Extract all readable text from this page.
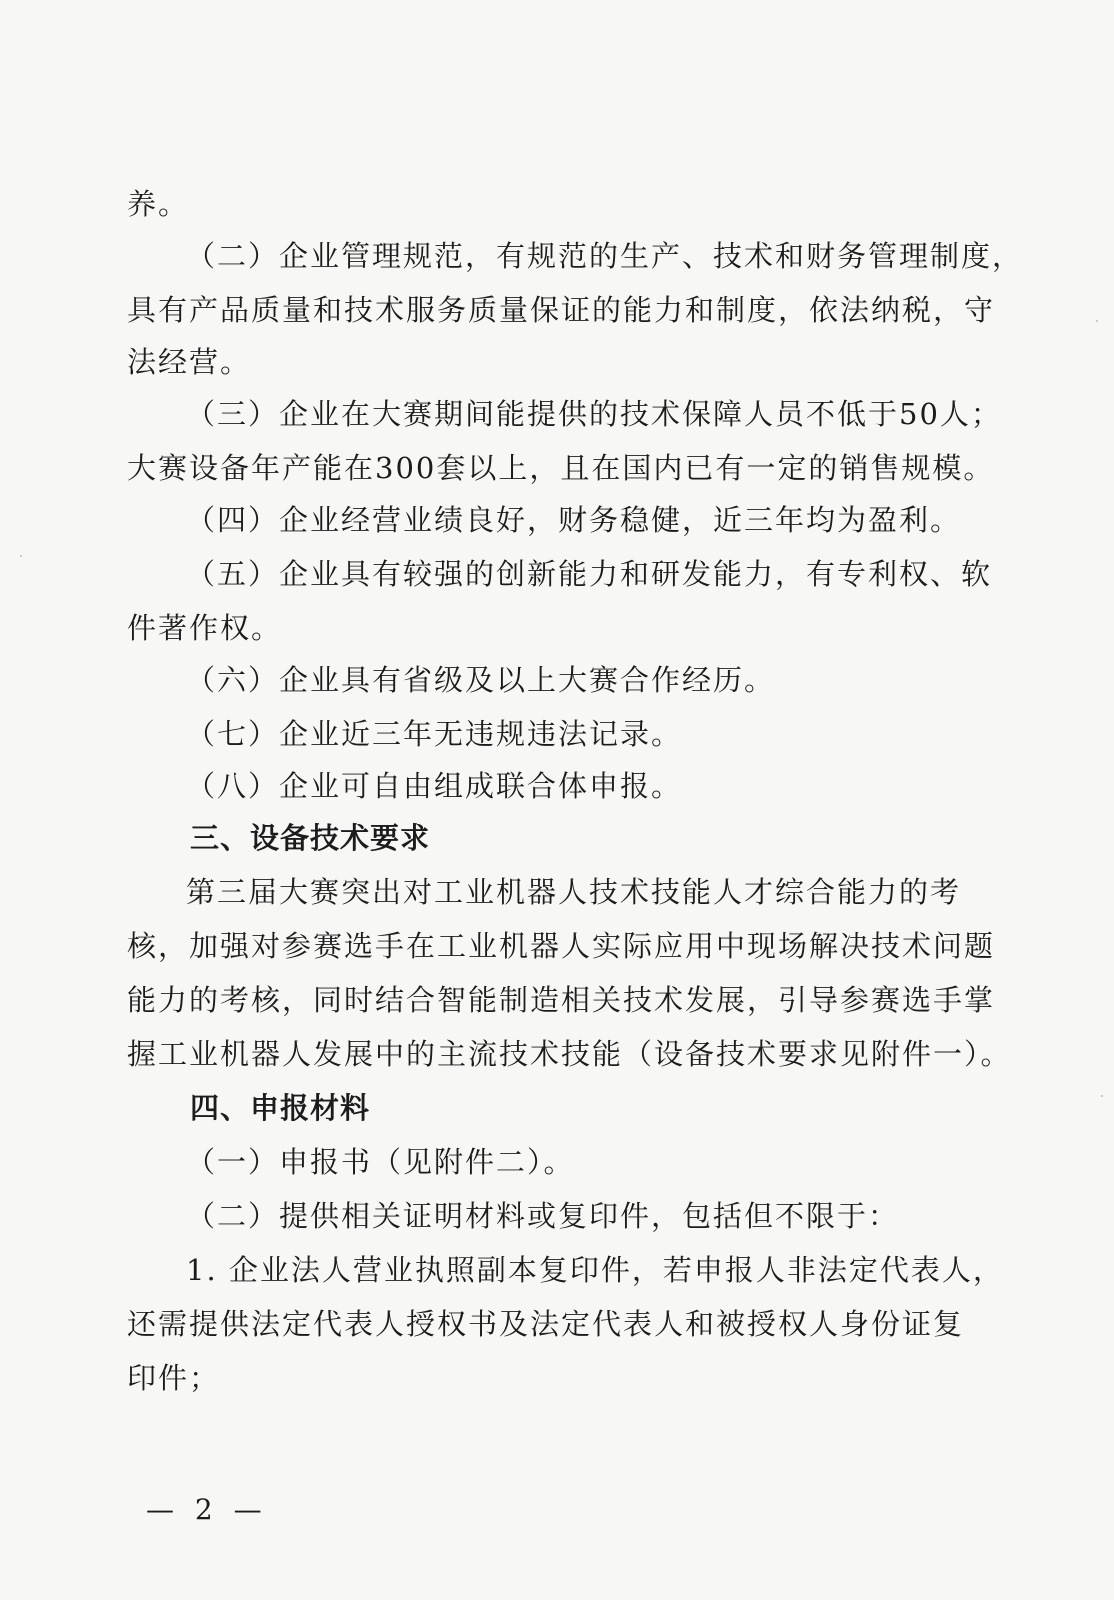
养。
（二）企业管理规范，有规范的生产、技术和财务管理制度，
具有产品质量和技术服务质量保证的能力和制度，依法纳税，守
法经营。
（三）企业在大赛期间能提供的技术保障人员不低于50人；
大赛设备年产能在300套以上，且在国内已有一定的销售规模。
（四）企业经营业绩良好，财务稳健，近三年均为盈利。
（五）企业具有较强的创新能力和研发能力，有专利权、软
件著作权。
（六）企业具有省级及以上大赛合作经历。
（七）企业近三年无违规违法记录。
（八）企业可自由组成联合体申报。
三、设备技术要求
第三届大赛突出对工业机器人技术技能人才综合能力的考
核，加强对参赛选手在工业机器人实际应用中现场解决技术问题
能力的考核，同时结合智能制造相关技术发展，引导参赛选手掌
握工业机器人发展中的主流技术技能（设备技术要求见附件一）。
四、申报材料
（一）申报书（见附件二）。
（二）提供相关证明材料或复印件，包括但不限于：
1. 企业法人营业执照副本复印件，若申报人非法定代表人，
还需提供法定代表人授权书及法定代表人和被授权人身份证复
印件；
— 2 —
